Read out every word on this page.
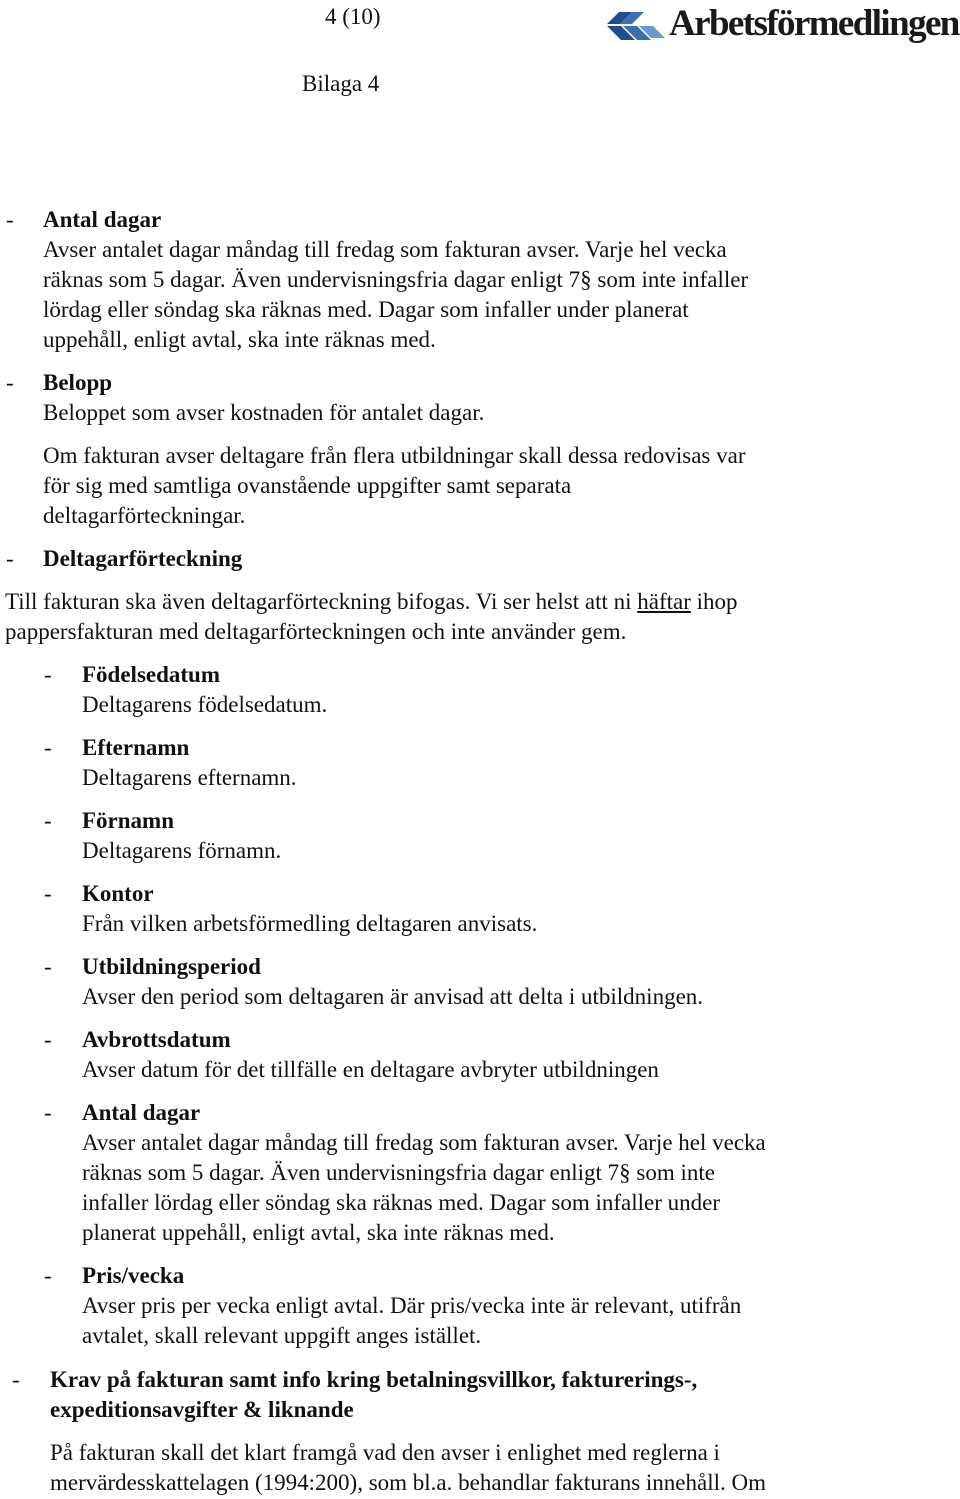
4 (10)
Bilaga 4
Arbetsförmedlingen
- Antal dagar
Avser antalet dagar måndag till fredag som fakturan avser. Varje hel vecka
räknas som 5 dagar. Även undervisningsfria dagar enligt 7§ som inte infaller
lördag eller söndag ska räknas med. Dagar som infaller under planerat
uppehåll, enligt avtal, ska inte räknas med.
- Belopp
Beloppet som avser kostnaden för antalet dagar.
Om fakturan avser deltagare från flera utbildningar skall dessa redovisas var
för sig med samtliga ovanstående uppgifter samt separata
deltagarförteckningar.
- Deltagarförteckning
Till fakturan ska även deltagarförteckning bifogas. Vi ser helst att ni häftar ihop
pappersfakturan med deltagarförteckningen och inte använder gem.
- Födelsedatum
Deltagarens födelsedatum.
- Efternamn
Deltagarens efternamn.
- Förnamn
Deltagarens förnamn.
- Kontor
Från vilken arbetsförmedling deltagaren anvisats.
- Utbildningsperiod
Avser den period som deltagaren är anvisad att delta i utbildningen.
- Avbrottsdatum
Avser datum för det tillfälle en deltagare avbryter utbildningen
- Antal dagar
Avser antalet dagar måndag till fredag som fakturan avser. Varje hel vecka
räknas som 5 dagar. Även undervisningsfria dagar enligt 7§ som inte
infaller lördag eller söndag ska räknas med. Dagar som infaller under
planerat uppehåll, enligt avtal, ska inte räknas med.
- Pris/vecka
Avser pris per vecka enligt avtal. Där pris/vecka inte är relevant, utifrån
avtalet, skall relevant uppgift anges istället.
- Krav på fakturan samt info kring betalningsvillkor, fakturerings-,
expeditionsavgifter & liknande
På fakturan skall det klart framgå vad den avser i enlighet med reglerna i
mervärdesskattelagen (1994:200), som bl.a. behandlar fakturans innehåll. Om
